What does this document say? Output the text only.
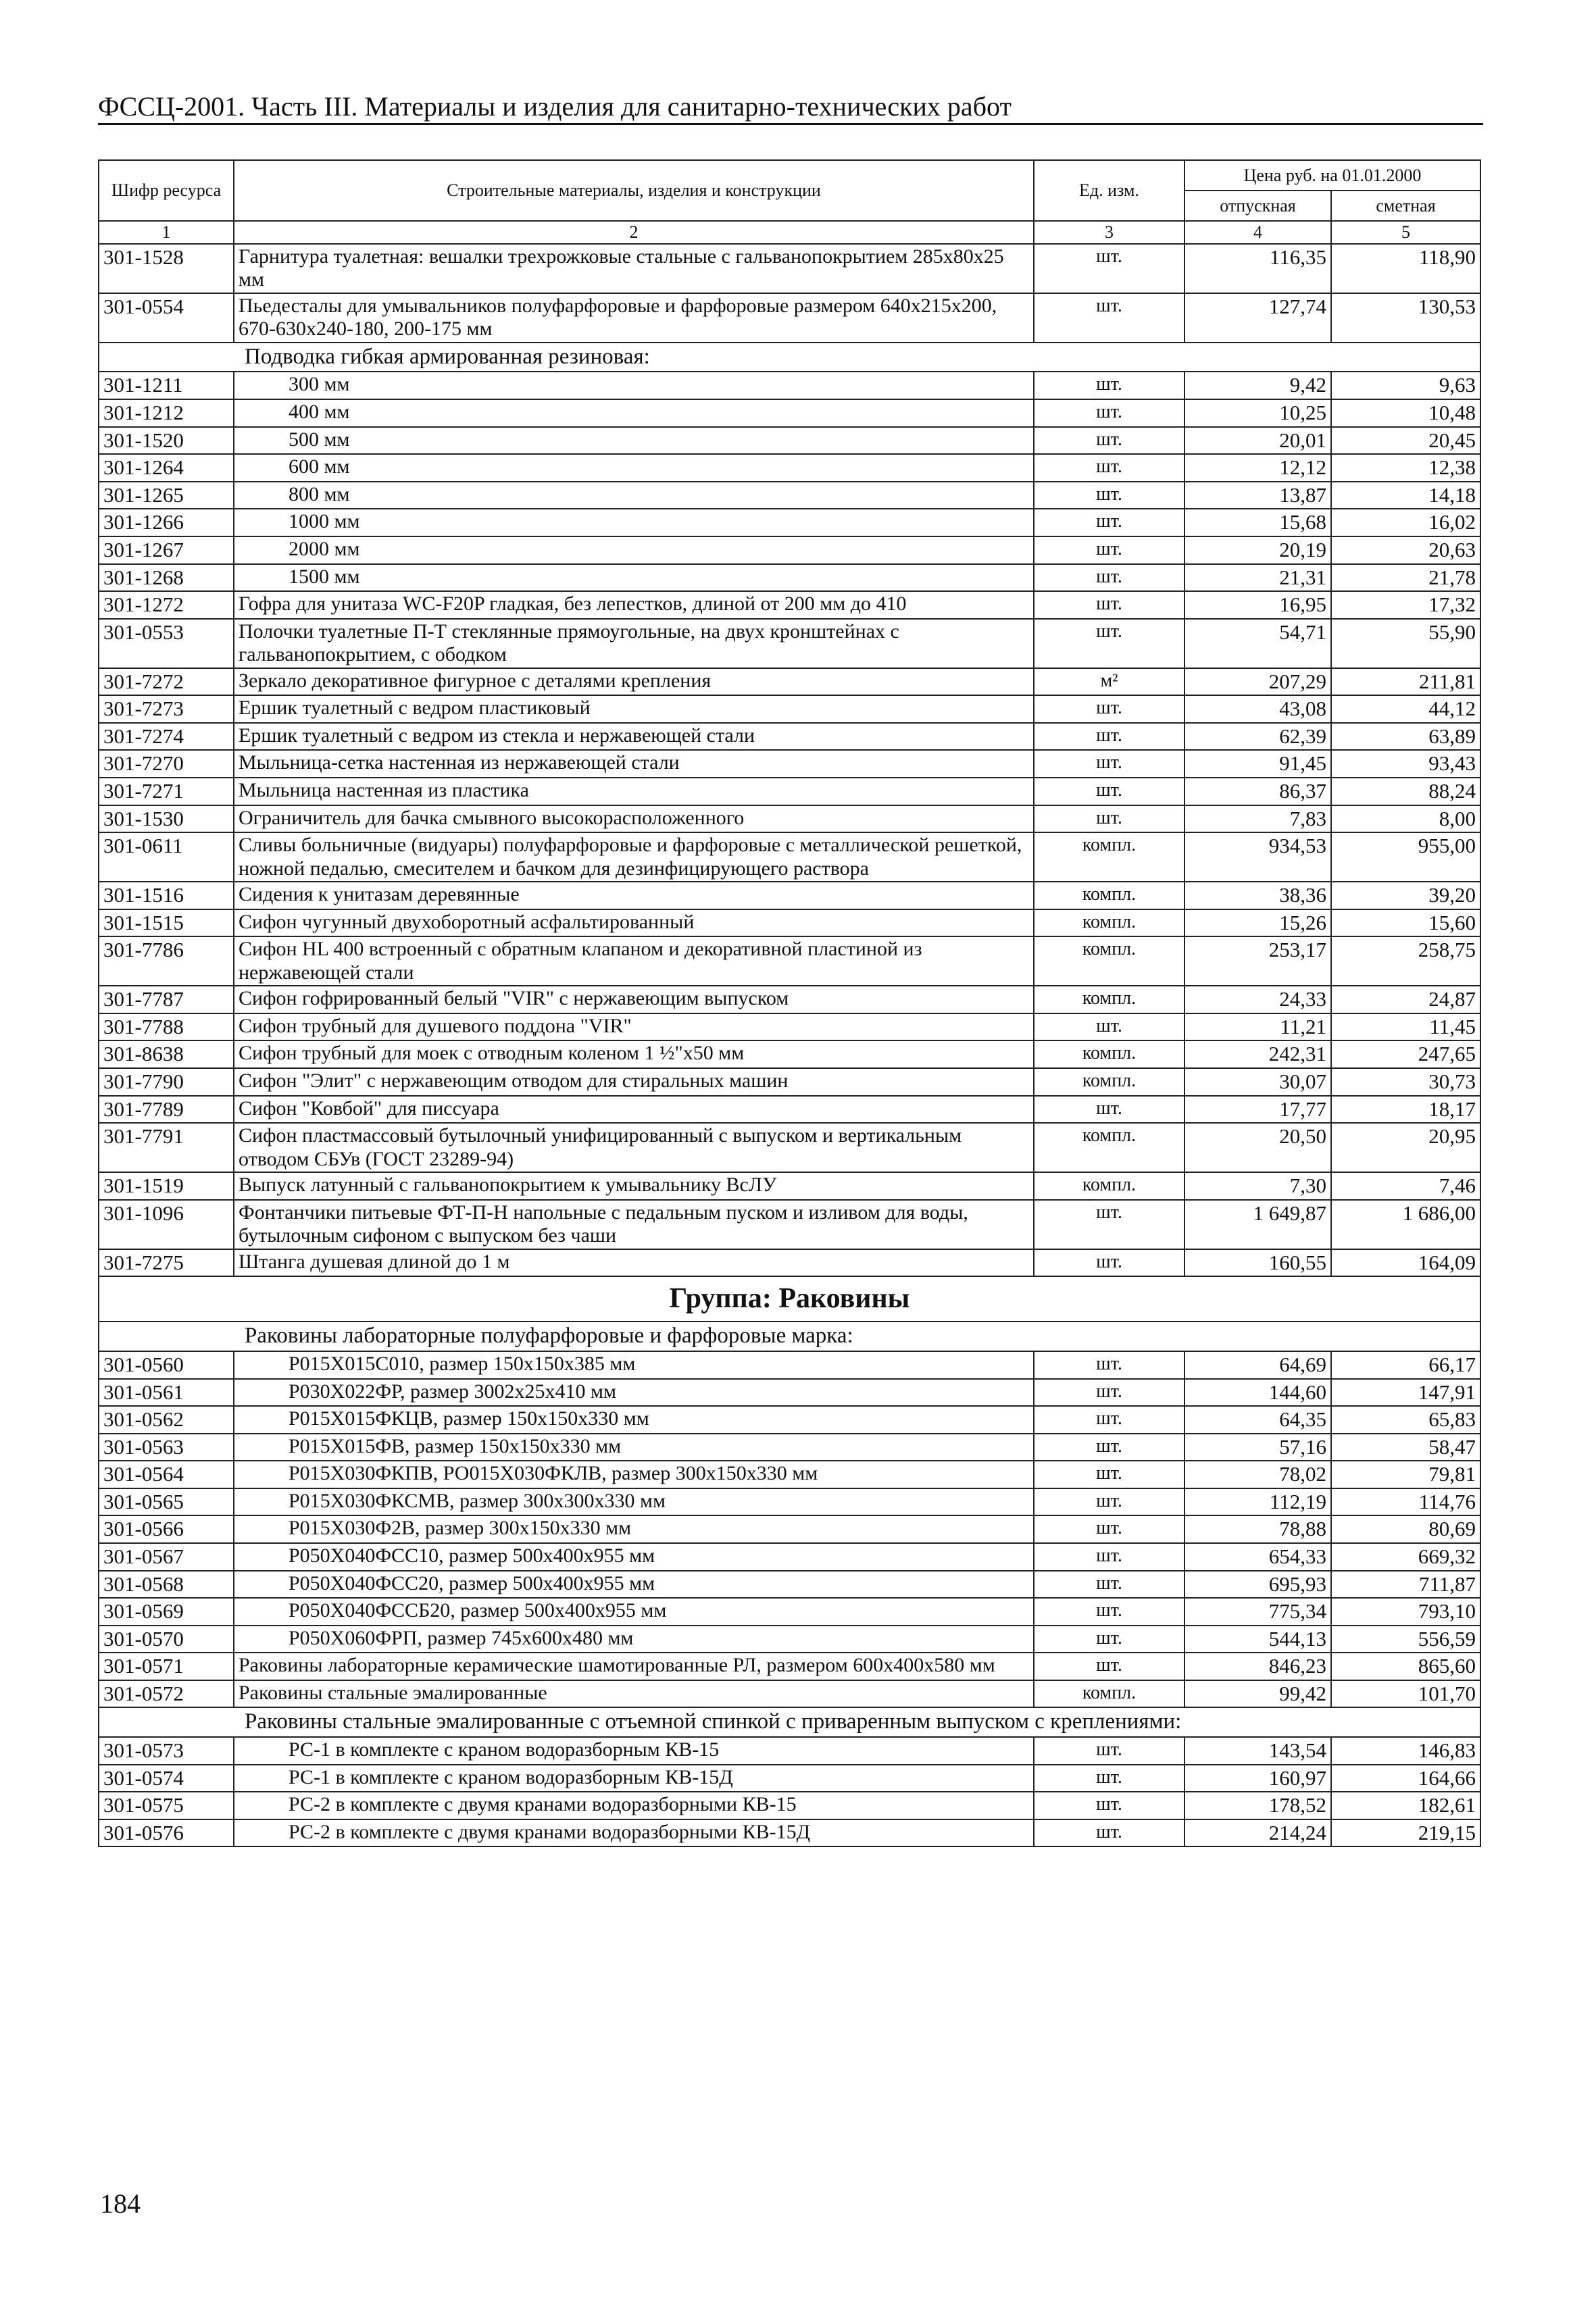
ФССЦ-2001. Часть III. Материалы и изделия для санитарно-технических работ
Шифр ресурса	Строительные материалы, изделия и конструкции	Ед. изм.	Цена руб. на 01.01.2000	
			отпускная	сметная
1	2	3	4	5
301-1528	Гарнитура туалетная: вешалки трехрожковые стальные с гальванопокрытием 285х80х25 мм	шт.	116,35	118,90
301-0554	Пьедесталы для умывальников полуфарфоровые и фарфоровые размером 640х215х200, 670-630х240-180, 200-175 мм	шт.	127,74	130,53
Подводка гибкая армированная резиновая:				
301-1211	300 мм	шт.	9,42	9,63
301-1212	400 мм	шт.	10,25	10,48
301-1520	500 мм	шт.	20,01	20,45
301-1264	600 мм	шт.	12,12	12,38
301-1265	800 мм	шт.	13,87	14,18
301-1266	1000 мм	шт.	15,68	16,02
301-1267	2000 мм	шт.	20,19	20,63
301-1268	1500 мм	шт.	21,31	21,78
301-1272	Гофра для унитаза WC-F20P гладкая, без лепестков, длиной от 200 мм до 410	шт.	16,95	17,32
301-0553	Полочки туалетные П-Т стеклянные прямоугольные, на двух кронштейнах с гальванопокрытием, с ободком	шт.	54,71	55,90
301-7272	Зеркало декоративное фигурное с деталями крепления	м²	207,29	211,81
301-7273	Ершик туалетный с ведром пластиковый	шт.	43,08	44,12
301-7274	Ершик туалетный с ведром из стекла и нержавеющей стали	шт.	62,39	63,89
301-7270	Мыльница-сетка настенная из нержавеющей стали	шт.	91,45	93,43
301-7271	Мыльница настенная из пластика	шт.	86,37	88,24
301-1530	Ограничитель для бачка смывного высокорасположенного	шт.	7,83	8,00
301-0611	Сливы больничные (видуары) полуфарфоровые и фарфоровые с металлической решеткой, ножной педалью, смесителем и бачком для дезинфицирующего раствора	компл.	934,53	955,00
301-1516	Сидения к унитазам деревянные	компл.	38,36	39,20
301-1515	Сифон чугунный двухоборотный асфальтированный	компл.	15,26	15,60
301-7786	Сифон HL 400 встроенный с обратным клапаном и декоративной пластиной из нержавеющей стали	компл.	253,17	258,75
301-7787	Сифон гофрированный белый "VIR" с нержавеющим выпуском	компл.	24,33	24,87
301-7788	Сифон трубный для душевого поддона "VIR"	шт.	11,21	11,45
301-8638	Сифон трубный для моек с отводным коленом 1 ½"х50 мм	компл.	242,31	247,65
301-7790	Сифон "Элит" с нержавеющим отводом для стиральных машин	компл.	30,07	30,73
301-7789	Сифон "Ковбой" для писсуара	шт.	17,77	18,17
301-7791	Сифон пластмассовый бутылочный унифицированный с выпуском и вертикальным отводом СБУв (ГОСТ 23289-94)	компл.	20,50	20,95
301-1519	Выпуск латунный с гальванопокрытием к умывальнику ВсЛУ	компл.	7,30	7,46
301-1096	Фонтанчики питьевые ФТ-П-Н напольные с педальным пуском и изливом для воды, бутылочным сифоном с выпуском без чаши	шт.	1 649,87	1 686,00
301-7275	Штанга душевая длиной до 1 м	шт.	160,55	164,09
Группа: Раковины				
Раковины лабораторные полуфарфоровые и фарфоровые марка:				
301-0560	Р015Х015С010, размер 150х150х385 мм	шт.	64,69	66,17
301-0561	Р030Х022ФР, размер 3002х25х410 мм	шт.	144,60	147,91
301-0562	Р015Х015ФКЦВ, размер 150х150х330 мм	шт.	64,35	65,83
301-0563	Р015Х015ФВ, размер 150х150х330 мм	шт.	57,16	58,47
301-0564	Р015Х030ФКПВ, РО015Х030ФКЛВ, размер 300х150х330 мм	шт.	78,02	79,81
301-0565	Р015Х030ФКСМВ, размер 300х300х330 мм	шт.	112,19	114,76
301-0566	Р015Х030Ф2В, размер 300х150х330 мм	шт.	78,88	80,69
301-0567	Р050Х040ФСС10, размер 500х400х955 мм	шт.	654,33	669,32
301-0568	Р050Х040ФСС20, размер 500х400х955 мм	шт.	695,93	711,87
301-0569	Р050Х040ФССБ20, размер 500х400х955 мм	шт.	775,34	793,10
301-0570	Р050Х060ФРП, размер 745х600х480 мм	шт.	544,13	556,59
301-0571	Раковины лабораторные керамические шамотированные РЛ, размером 600х400х580 мм	шт.	846,23	865,60
301-0572	Раковины стальные эмалированные	компл.	99,42	101,70
Раковины стальные эмалированные с отъемной спинкой с приваренным выпуском с креплениями:				
301-0573	РС-1 в комплекте с краном водоразборным КВ-15	шт.	143,54	146,83
301-0574	РС-1 в комплекте с краном водоразборным КВ-15Д	шт.	160,97	164,66
301-0575	РС-2 в комплекте с двумя кранами водоразборными КВ-15	шт.	178,52	182,61
301-0576	РС-2 в комплекте с двумя кранами водоразборными КВ-15Д	шт.	214,24	219,15
184
